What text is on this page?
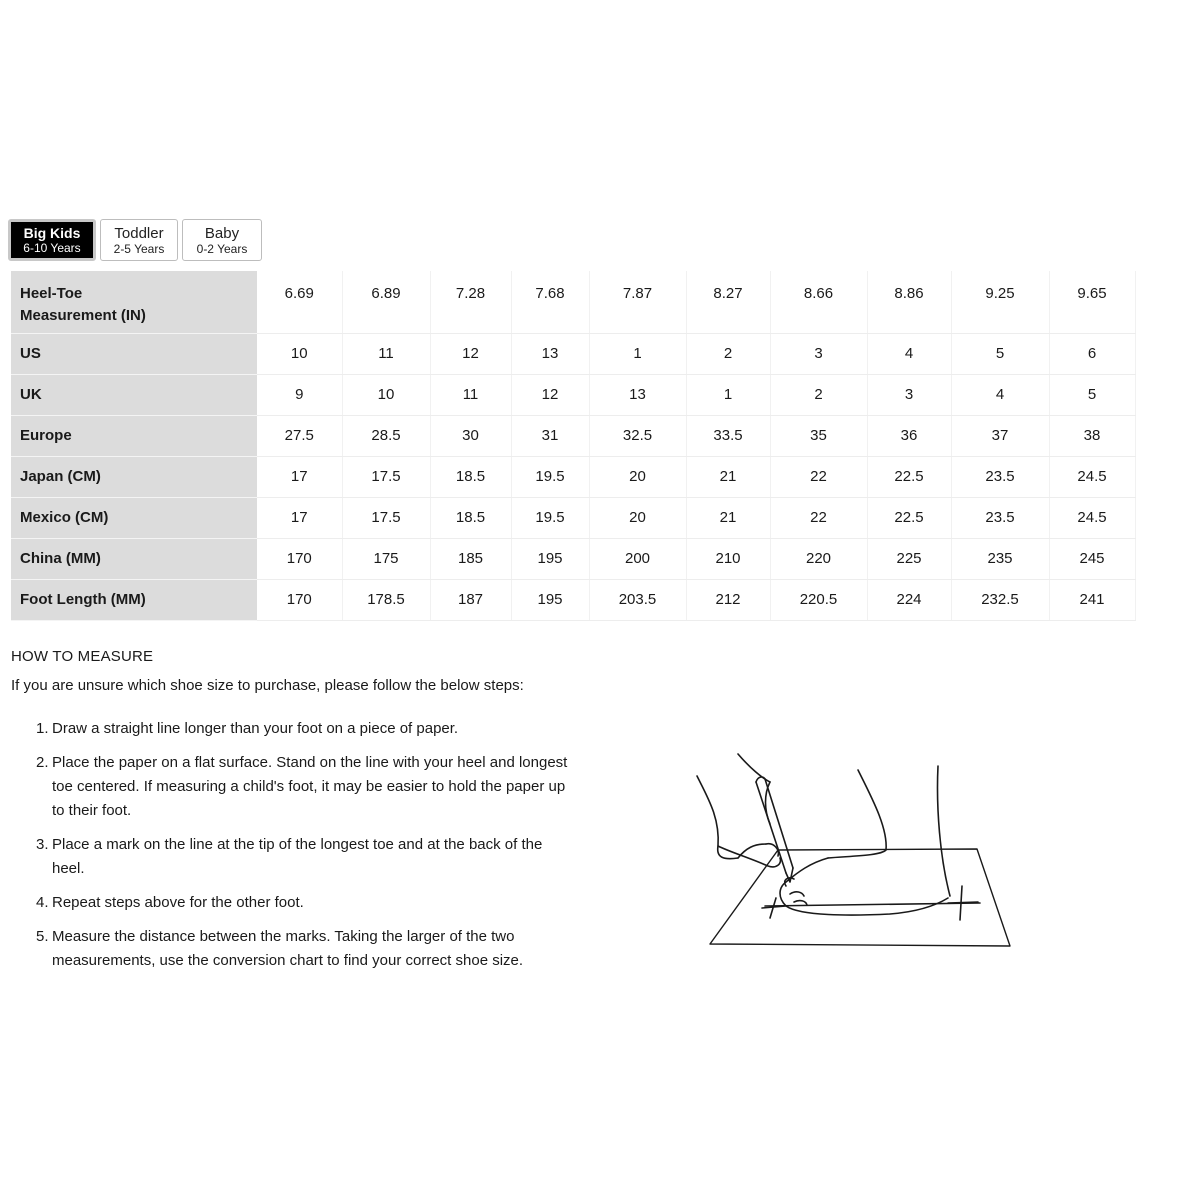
Big Kids
6-10 Years
Toddler
2-5 Years
Baby
0-2 Years
Heel-Toe
Measurement (IN)	6.69	6.89	7.28	7.68	7.87	8.27	8.66	8.86	9.25	9.65
US	10	11	12	13	1	2	3	4	5	6
UK	9	10	11	12	13	1	2	3	4	5
Europe	27.5	28.5	30	31	32.5	33.5	35	36	37	38
Japan (CM)	17	17.5	18.5	19.5	20	21	22	22.5	23.5	24.5
Mexico (CM)	17	17.5	18.5	19.5	20	21	22	22.5	23.5	24.5
China (MM)	170	175	185	195	200	210	220	225	235	245
Foot Length (MM)	170	178.5	187	195	203.5	212	220.5	224	232.5	241
HOW TO MEASURE
If you are unsure which shoe size to purchase, please follow the below steps:
1. Draw a straight line longer than your foot on a piece of paper.
2. Place the paper on a flat surface. Stand on the line with your heel and longest toe centered. If measuring a child's foot, it may be easier to hold the paper up to their foot.
3. Place a mark on the line at the tip of the longest toe and at the back of the heel.
4. Repeat steps above for the other foot.
5. Measure the distance between the marks. Taking the larger of the two measurements, use the conversion chart to find your correct shoe size.
